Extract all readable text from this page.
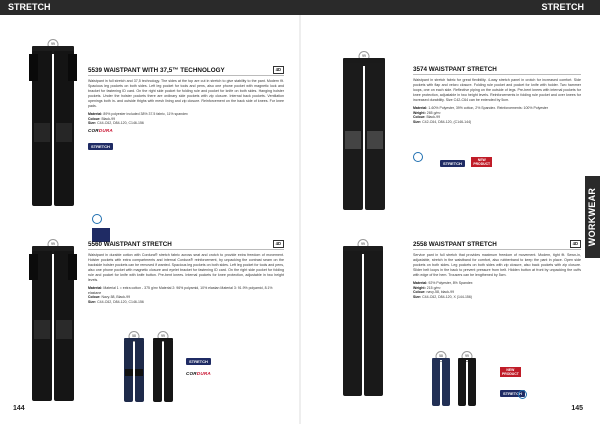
STRETCH	STRETCH
WORKWEAR
144	145
99
5539 WAISTPANT WITH 37,5™ TECHNOLOGY	4D

Waistpant in full stretch and 37,5 technology. The sides at the top are cut in stretch to give stability to the pant. Modern fit. Spacious leg pockets on both sides. Left leg pocket for tools and pens, also one phone pocket with magnetic lock and bracket for fastening ID card. On the right side pocket for folding rule and pocket for knife on both sides. Hanging holster pockets. Under the holster pockets there are ordinary side pockets with zip closure. Internal back pockets. Ventilation openings both in- and outside thighs with mesh lining and zip closure. Reinforcement on the back side of knees. For knee pads.

Material: 89% polyester included 38% 37.5 fabric, 11% spandex
Colour: Black-99
Size: C44-C62, D84-120, C146-156
CORDURA
STRETCH
99
3574 WAISTPANT STRETCH

Waistpant in stretch fabric for great flexibility. 4-way stretch panel in crotch for increased comfort. Side pockets with flap and velcro closure. Folding rule pocket and pocket for knife with holder. Two hammer loops, one on each side. Reflective piping on the outside of legs. Pre-bent knees with internal pockets for knee protection, adjustable in two height levels. Reinforcements in folding rule pocket and over knees for increased durability. Size C42-C64 can be extended by 5cm.

Material: 1-60% Polyester, 39% cotton, 2% Spandex. Reinforcements: 100% Polyester
Weight: 265 g/m²
Colour: Black-99
Size: C42-C64, D84-120, (C146-144)
STRETCH NEW
PRODUCT
99	5560 WAISTPANT STRETCH	4D

Waistpant in durable cotton with Cordura® stretch fabric across seat and crotch to provide extra freedom of movement. Holster pockets with extra compartments and internal Cordura® reinforcement, by unpacking the contrast seam on the backside holster pockets can be removed if wanted. Spacious leg pockets on both sides. Left leg pocket for tools and pens, also one phone pocket with magnetic closure and eyelet bracket for fastening ID card. On the right side pocket for folding rule and pocket for knife with knife button. Pre-bent knees. Internal pockets for knee protection, adjustable in two height levels.

Material: Material 1 = extra cotton - 375 g/m² Material 2: 96% polyamid, 10% elastan Material 3: 91.9% polyamid, 8.1% elastane
Colour: Navy-58, Black-99
Size: C44-C62, D84-120, C146-156
58	99
STRETCH
CORDURA
99	2558 WAISTPANT STRETCH	4D

Service pant in full stretch that provides maximum freedom of movement. Modern, tight fit. Sewn-in, adjustable, stretch in the waistband for comfort, also rubberband to keep the pant in place. Open side pockets on both sides. Leg pockets on both sides with zip closure, also back pockets with zip closure. Slider belt loops in the back to prevent pressure from belt. Hidden button at front by unpacking the cuffs with edge of the hem. Trousers can be lengthened by 5cm.

Material: 92% Polyester, 8% Spandex
Weight: 215 g/m²
Colour: navy-58, black-99
Size: C44-C62, D84-120, X (144-156)
58	99
NEW
PRODUCT
STRETCH
